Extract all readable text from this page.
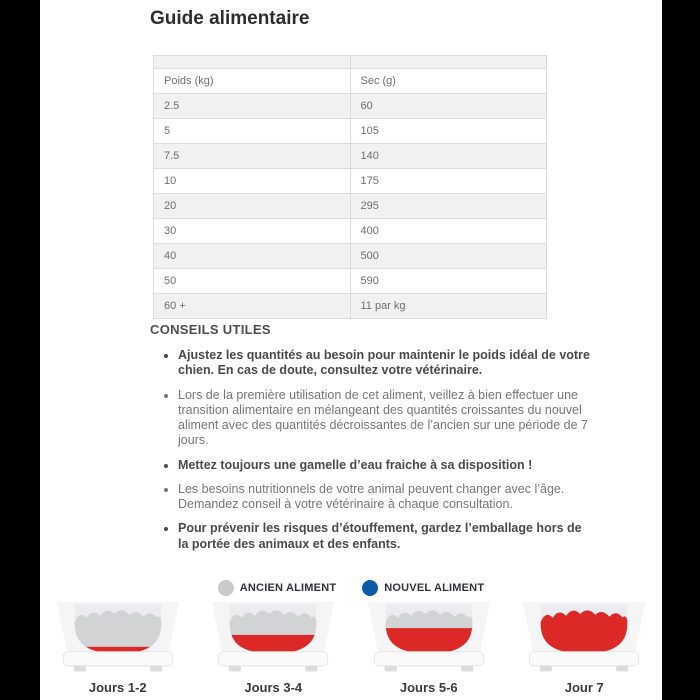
Guide alimentaire

Poids (kg)	Sec (g)
2.5	60
5	105
7.5	140
10	175
20	295
30	400
40	500
50	590
60 +	11 par kg
CONSEILS UTILES
• Ajustez les quantités au besoin pour maintenir le poids idéal de votre chien. En cas de doute, consultez votre vétérinaire.
• Lors de la première utilisation de cet aliment, veillez à bien effectuer une transition alimentaire en mélangeant des quantités croissantes du nouvel aliment avec des quantités décroissantes de l’ancien sur une période de 7 jours.
• Mettez toujours une gamelle d’eau fraiche à sa disposition !
• Les besoins nutritionnels de votre animal peuvent changer avec l’âge. Demandez conseil à votre vétérinaire à chaque consultation.
• Pour prévenir les risques d’étouffement, gardez l’emballage hors de la portée des animaux et des enfants.
ANCIEN ALIMENT	NOUVEL ALIMENT
Jours 1-2	Jours 3-4	Jours 5-6	Jour 7
